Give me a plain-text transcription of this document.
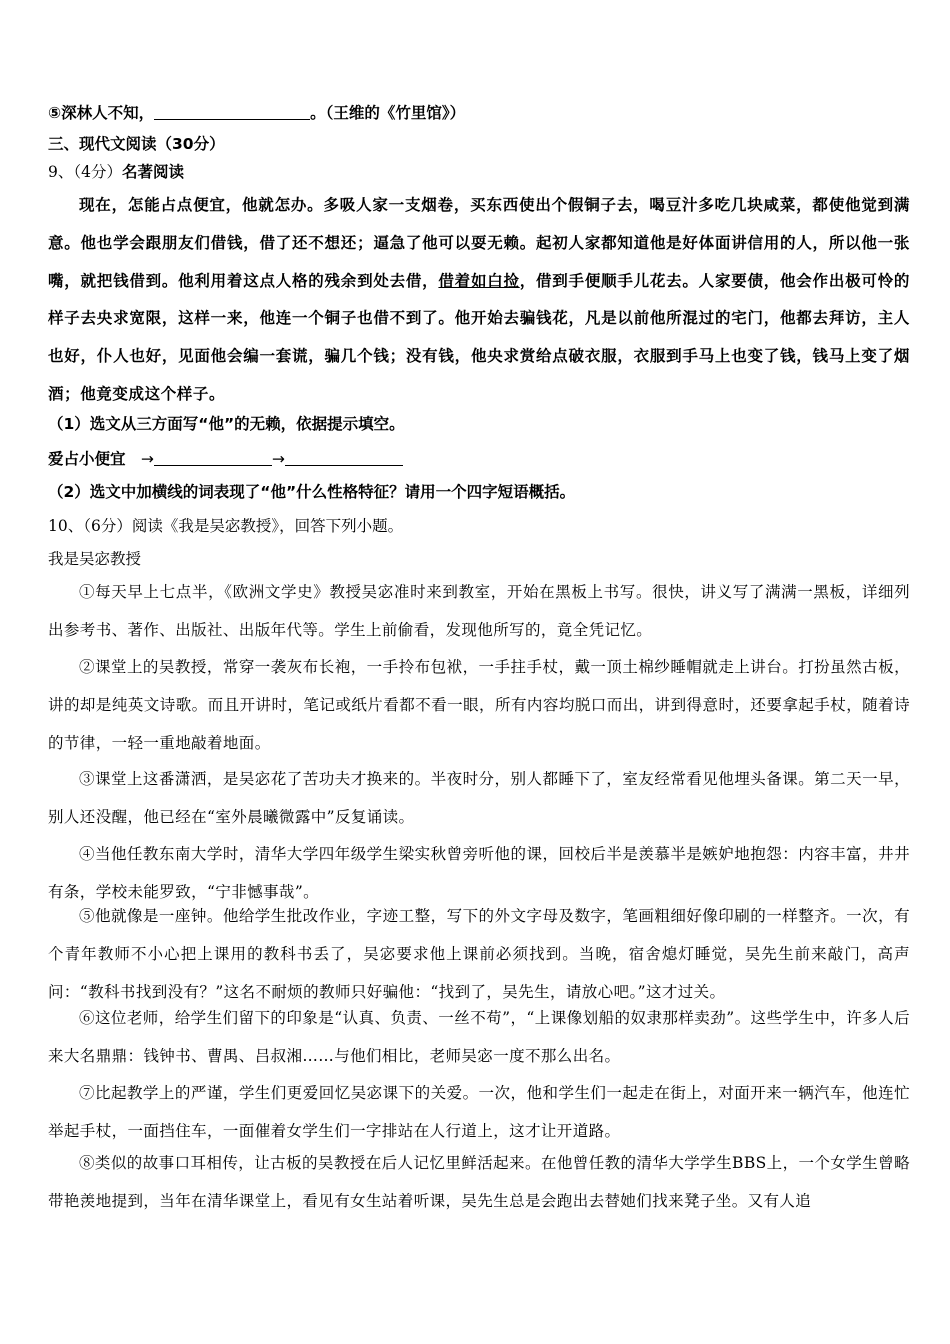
⑤深林人不知，	。（王维的《竹里馆》）
三、现代文阅读（30分）
9、（4分）名著阅读
现在，怎能占点便宜，他就怎办。多吸人家一支烟卷，买东西使出个假铜子去，喝豆汁多吃几块咸菜，都使他觉到满意。他也学会跟朋友们借钱，借了还不想还；逼急了他可以耍无赖。起初人家都知道他是好体面讲信用的人，所以他一张嘴，就把钱借到。他利用着这点人格的残余到处去借，借着如白捡，借到手便顺手儿花去。人家要债，他会作出极可怜的样子去央求宽限，这样一来，他连一个铜子也借不到了。他开始去骗钱花，凡是以前他所混过的宅门，他都去拜访，主人也好，仆人也好，见面他会编一套谎，骗几个钱；没有钱，他央求赏给点破衣服，衣服到手马上也变了钱，钱马上变了烟酒；他竟变成这个样子。
（1）选文从三方面写“他”的无赖，依据提示填空。
爱占小便宜 →	→
（2）选文中加横线的词表现了“他”什么性格特征？请用一个四字短语概括。
10、（6分）阅读《我是吴宓教授》，回答下列小题。
我是吴宓教授
①每天早上七点半，《欧洲文学史》教授吴宓准时来到教室，开始在黑板上书写。很快，讲义写了满满一黑板，详细列出参考书、著作、出版社、出版年代等。学生上前偷看，发现他所写的，竟全凭记忆。
②课堂上的吴教授，常穿一袭灰布长袍，一手拎布包袱，一手拄手杖，戴一顶土棉纱睡帽就走上讲台。打扮虽然古板，讲的却是纯英文诗歌。而且开讲时，笔记或纸片看都不看一眼，所有内容均脱口而出，讲到得意时，还要拿起手杖，随着诗的节律，一轻一重地敲着地面。
③课堂上这番潇洒，是吴宓花了苦功夫才换来的。半夜时分，别人都睡下了，室友经常看见他埋头备课。第二天一早，别人还没醒，他已经在“室外晨曦微露中”反复诵读。
④当他任教东南大学时，清华大学四年级学生梁实秋曾旁听他的课，回校后半是羡慕半是嫉妒地抱怨：内容丰富，井井有条，学校未能罗致，“宁非憾事哉”。
⑤他就像是一座钟。他给学生批改作业，字迹工整，写下的外文字母及数字，笔画粗细好像印刷的一样整齐。一次，有个青年教师不小心把上课用的教科书丢了，吴宓要求他上课前必须找到。当晚，宿舍熄灯睡觉，吴先生前来敲门，高声问：“教科书找到没有？”这名不耐烦的教师只好骗他：“找到了，吴先生，请放心吧。”这才过关。
⑥这位老师，给学生们留下的印象是“认真、负责、一丝不苟”，“上课像划船的奴隶那样卖劲”。这些学生中，许多人后来大名鼎鼎：钱钟书、曹禺、吕叔湘……与他们相比，老师吴宓一度不那么出名。
⑦比起教学上的严谨，学生们更爱回忆吴宓课下的关爱。一次，他和学生们一起走在街上，对面开来一辆汽车，他连忙举起手杖，一面挡住车，一面催着女学生们一字排站在人行道上，这才让开道路。
⑧类似的故事口耳相传，让古板的吴教授在后人记忆里鲜活起来。在他曾任教的清华大学学生BBS上，一个女学生曾略带艳羡地提到，当年在清华课堂上，看见有女生站着听课，吴先生总是会跑出去替她们找来凳子坐。又有人追
